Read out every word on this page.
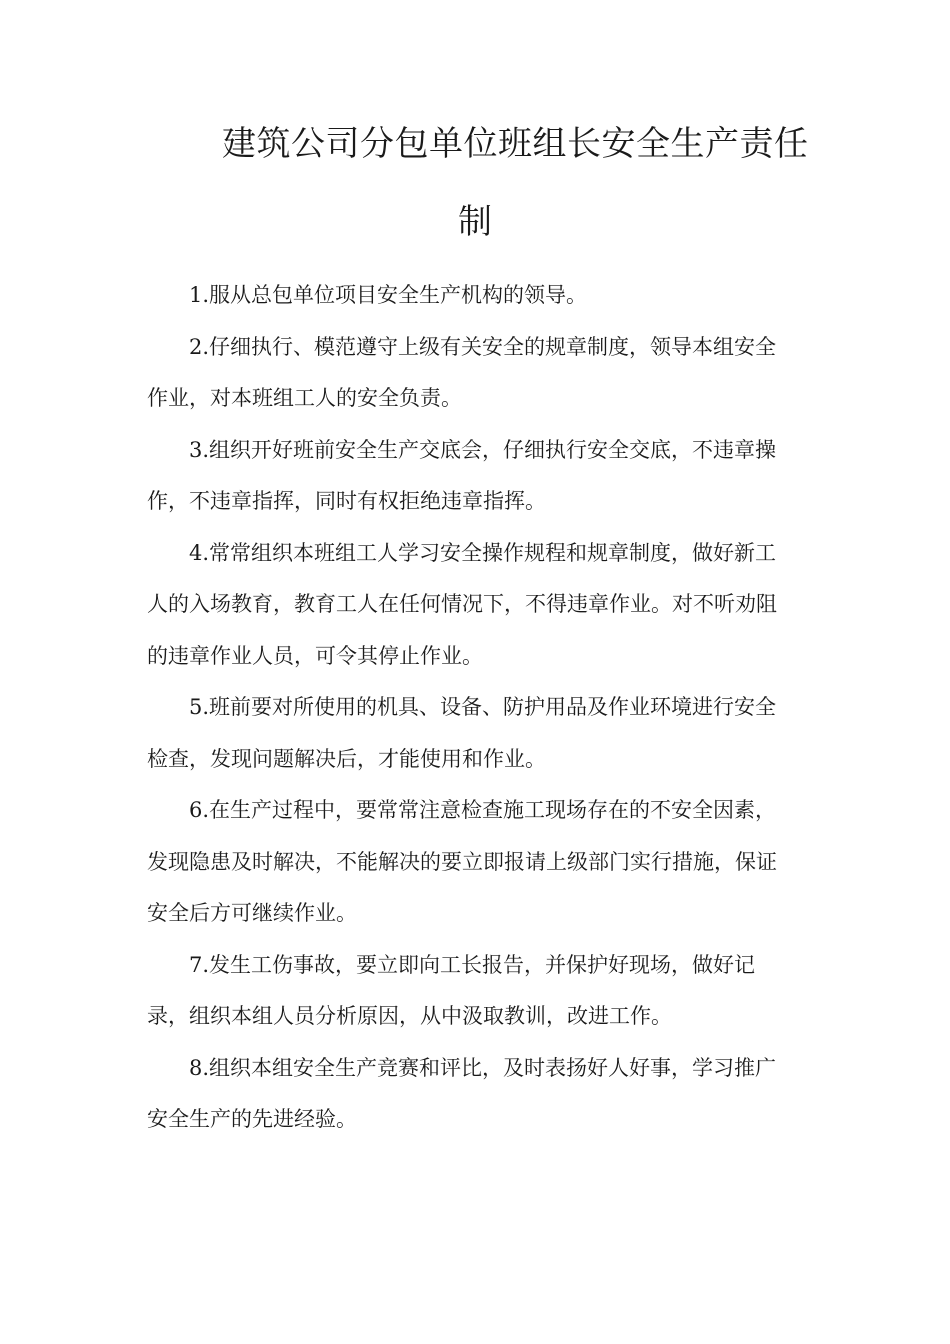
建筑公司分包单位班组长安全生产责任
制

1.服从总包单位项目安全生产机构的领导。

2.仔细执行、模范遵守上级有关安全的规章制度，领导本组安全作业，对本班组工人的安全负责。

3.组织开好班前安全生产交底会，仔细执行安全交底，不违章操作，不违章指挥，同时有权拒绝违章指挥。

4.常常组织本班组工人学习安全操作规程和规章制度，做好新工人的入场教育，教育工人在任何情况下，不得违章作业。对不听劝阻的违章作业人员，可令其停止作业。

5.班前要对所使用的机具、设备、防护用品及作业环境进行安全检查，发现问题解决后，才能使用和作业。

6.在生产过程中，要常常注意检查施工现场存在的不安全因素，发现隐患及时解决，不能解决的要立即报请上级部门实行措施，保证安全后方可继续作业。

7.发生工伤事故，要立即向工长报告，并保护好现场，做好记录，组织本组人员分析原因，从中汲取教训，改进工作。

8.组织本组安全生产竞赛和评比，及时表扬好人好事，学习推广安全生产的先进经验。
